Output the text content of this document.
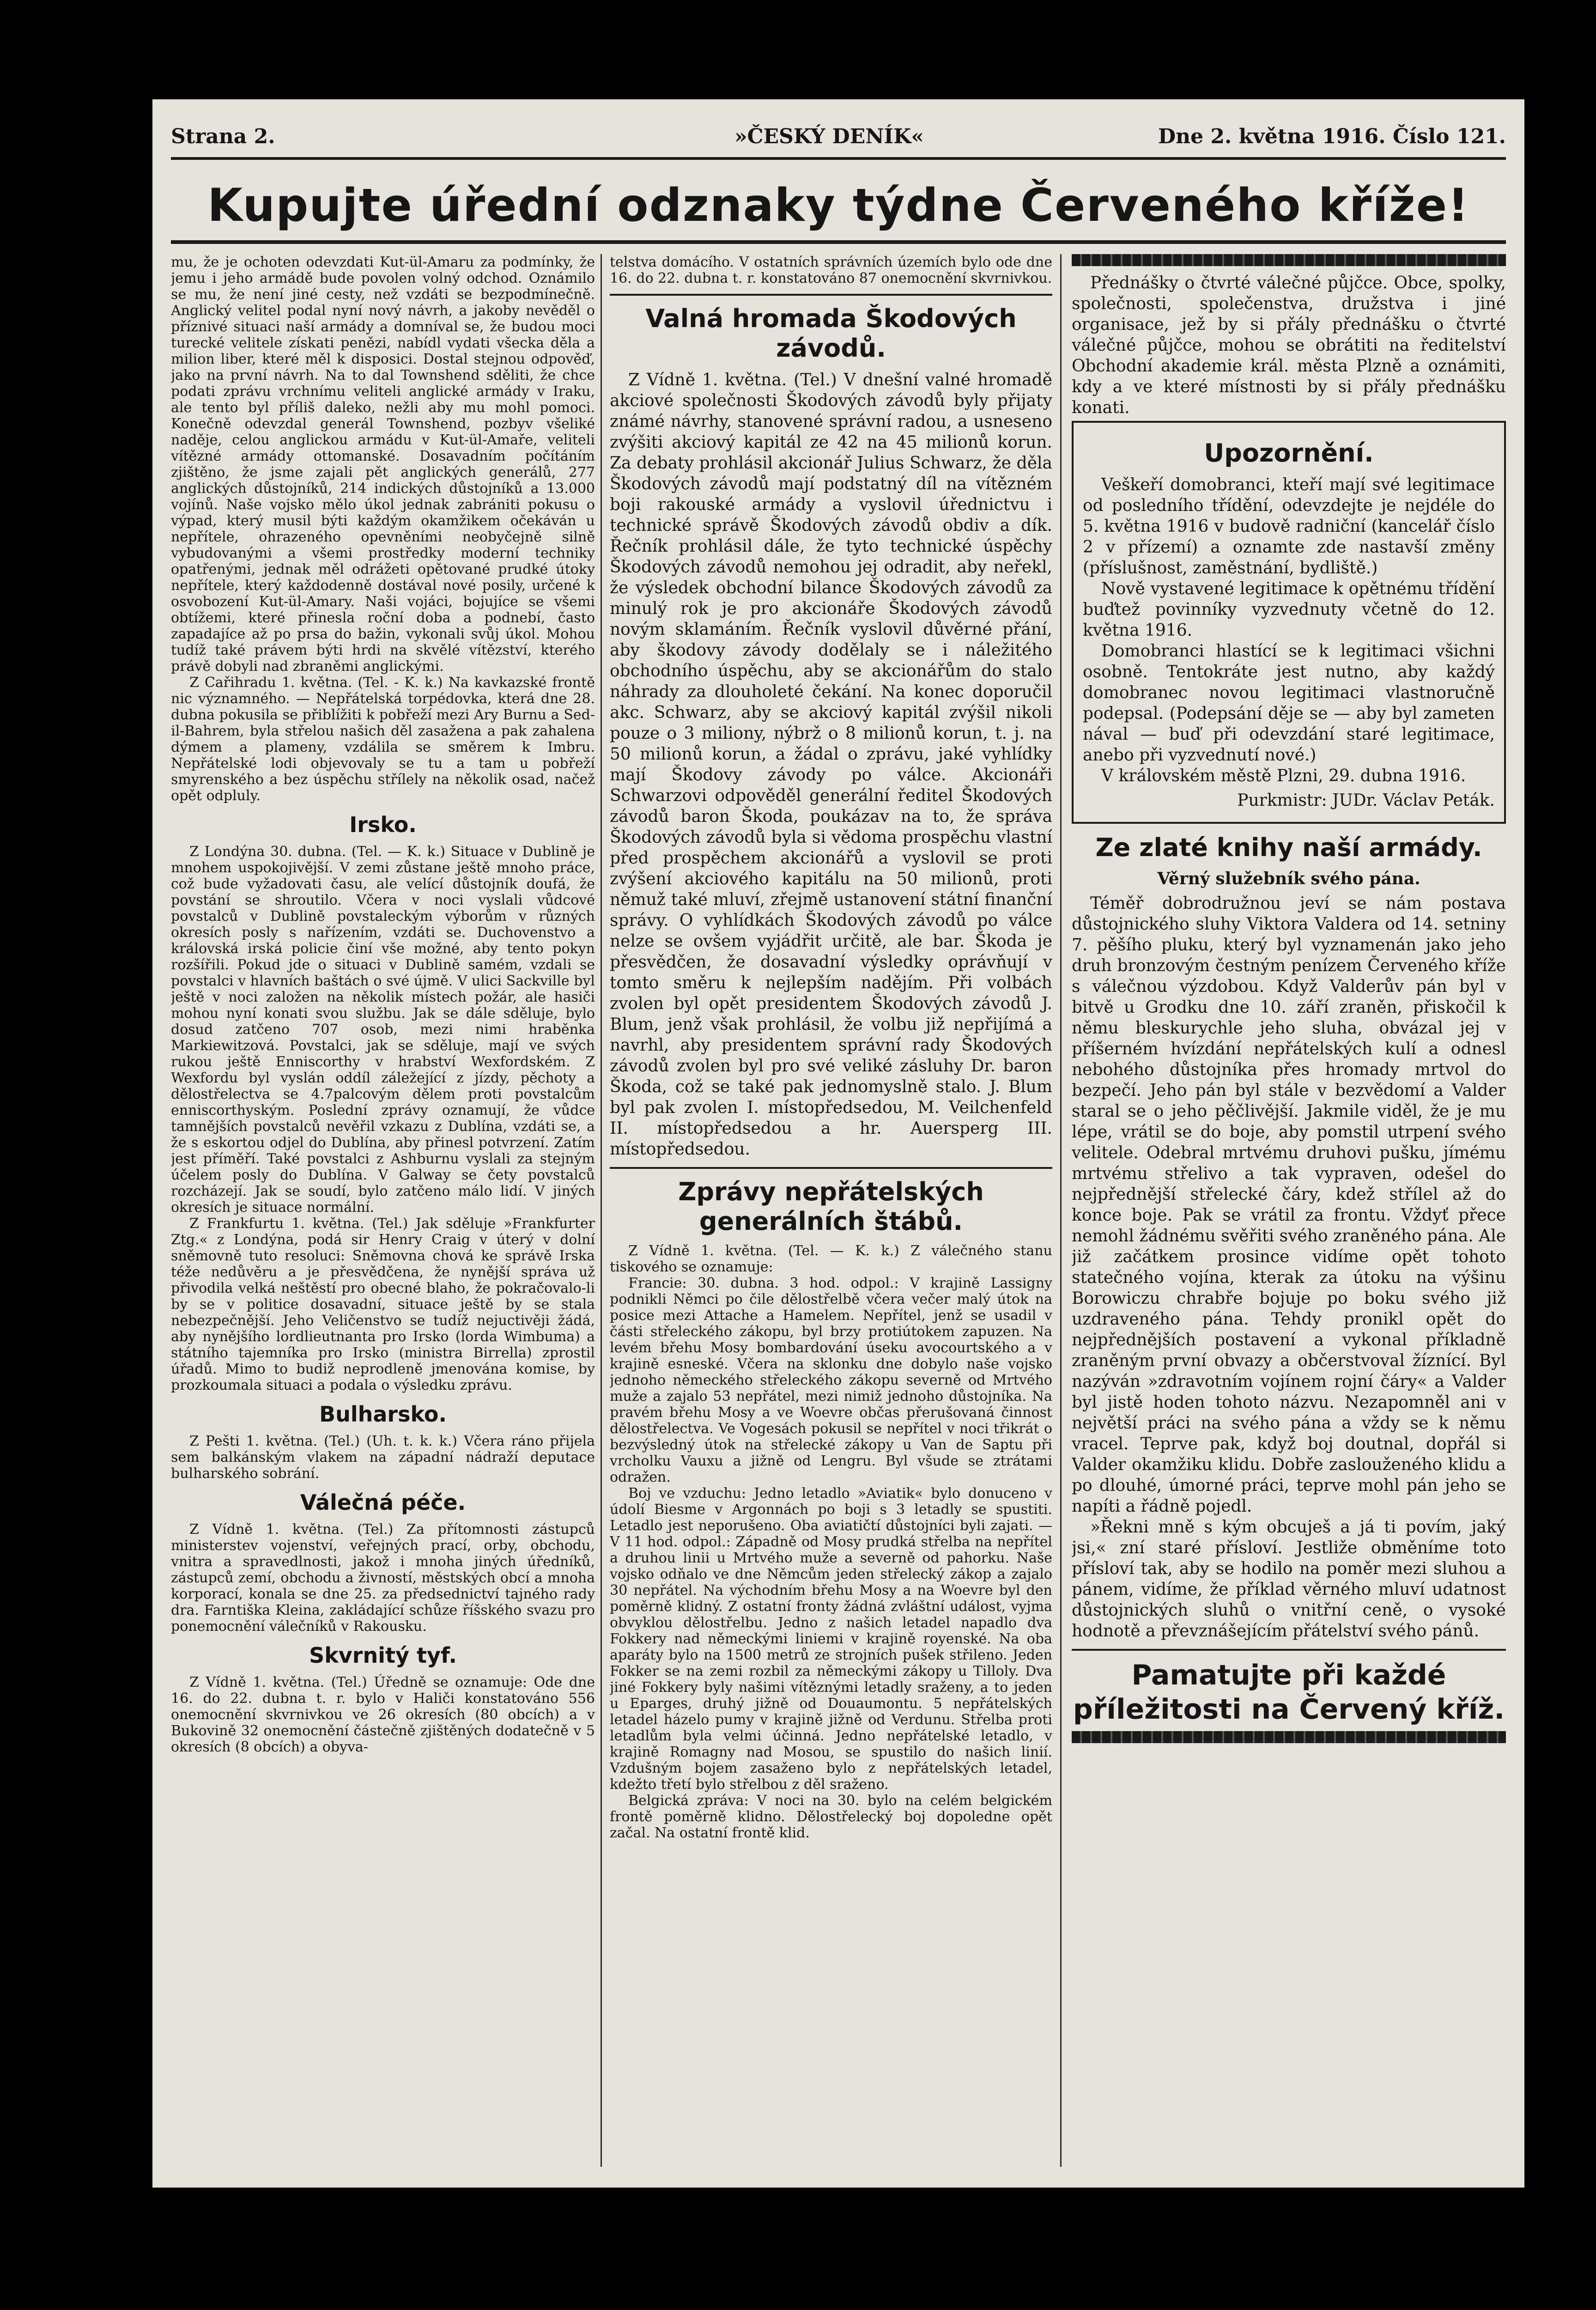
Strana 2.	»ČESKÝ DENÍK«	Dne 2. května 1916. Číslo 121.
Kupujte úřední odznaky týdne Červeného kříže!

mu, že je ochoten odevzdati Kut-ül-Amaru za podmínky, že jemu i jeho armádě bude povolen volný odchod. Oznámilo se mu, že není jiné cesty, než vzdáti se bezpodmínečně. Anglický velitel podal nyní nový návrh, a jakoby nevěděl o příznivé situaci naší armády a domníval se, že budou moci turecké velitele získati penězi, nabídl vydati všecka děla a milion liber, které měl k disposici. Dostal stejnou odpověď, jako na první návrh. Na to dal Townshend sděliti, že chce podati zprávu vrchnímu veliteli anglické armády v Iraku, ale tento byl příliš daleko, nežli aby mu mohl pomoci. Konečně odevzdal generál Townshend, pozbyv všeliké naděje, celou anglickou armádu v Kut-ül-Amaře, veliteli vítězné armády ottomanské. Dosavadním počítáním zjištěno, že jsme zajali pět anglických generálů, 277 anglických důstojníků, 214 indických důstojníků a 13.000 vojínů. Naše vojsko mělo úkol jednak zabrániti pokusu o výpad, který musil býti každým okamžikem očekáván u nepřítele, ohrazeného opevněními neobyčejně silně vybudovanými a všemi prostředky moderní techniky opatřenými, jednak měl odrážeti opětované prudké útoky nepřítele, který každodenně dostával nové posily, určené k osvobození Kut-ül-Amary. Naši vojáci, bojujíce se všemi obtížemi, které přinesla roční doba a podnebí, často zapadajíce až po prsa do bažin, vykonali svůj úkol. Mohou tudíž také právem býti hrdi na skvělé vítězství, kterého právě dobyli nad zbraněmi anglickými.

Z Cařihradu 1. května. (Tel. - K. k.) Na kavkazské frontě nic významného. — Nepřátelská torpédovka, která dne 28. dubna pokusila se přiblížiti k pobřeží mezi Ary Burnu a Sed-il-Bahrem, byla střelou našich děl zasažena a pak zahalena dýmem a plameny, vzdálila se směrem k Imbru. Nepřátelské lodi objevovaly se tu a tam u pobřeží smyrenského a bez úspěchu střílely na několik osad, načež opět odpluly.

Irsko.

Z Londýna 30. dubna. (Tel. — K. k.) Situace v Dublině je mnohem uspokojivější. V zemi zůstane ještě mnoho práce, což bude vyžadovati času, ale velící důstojník doufá, že povstání se shroutilo. Včera v noci vyslali vůdcové povstalců v Dublině povstaleckým výborům v různých okresích posly s nařízením, vzdáti se. Duchovenstvo a královská irská policie činí vše možné, aby tento pokyn rozšířili. Pokud jde o situaci v Dublině samém, vzdali se povstalci v hlavních baštách o své újmě. V ulici Sackville byl ještě v noci založen na několik místech požár, ale hasiči mohou nyní konati svou službu. Jak se dále sděluje, bylo dosud zatčeno 707 osob, mezi nimi hraběnka Markiewitzová. Povstalci, jak se sděluje, mají ve svých rukou ještě Enniscorthy v hrabství Wexfordském. Z Wexfordu byl vyslán oddíl záležející z jízdy, pěchoty a dělostřelectva se 4.7palcovým dělem proti povstalcům enniscorthyským. Poslední zprávy oznamují, že vůdce tamnějších povstalců nevěřil vzkazu z Dublína, vzdáti se, a že s eskortou odjel do Dublína, aby přinesl potvrzení. Zatím jest příměří. Také povstalci z Ashburnu vyslali za stejným účelem posly do Dublína. V Galway se čety povstalců rozcházejí. Jak se soudí, bylo zatčeno málo lidí. V jiných okresích je situace normální.

Z Frankfurtu 1. května. (Tel.) Jak sděluje »Frankfurter Ztg.« z Londýna, podá sir Henry Craig v úterý v dolní sněmovně tuto resoluci: Sněmovna chová ke správě Irska téže nedůvěru a je přesvědčena, že nynější správa už přivodila velká neštěstí pro obecné blaho, že pokračovalo-li by se v politice dosavadní, situace ještě by se stala nebezpečnější. Jeho Veličenstvo se tudíž nejuctivěji žádá, aby nynějšího lordlieutnanta pro Irsko (lorda Wimbuma) a státního tajemníka pro Irsko (ministra Birrella) zprostil úřadů. Mimo to budiž neprodleně jmenována komise, by prozkoumala situaci a podala o výsledku zprávu.

Bulharsko.

Z Pešti 1. května. (Tel.) (Uh. t. k. k.) Včera ráno přijela sem balkánským vlakem na západní nádraží deputace bulharského sobrání.

Válečná péče.

Z Vídně 1. května. (Tel.) Za přítomnosti zástupců ministerstev vojenství, veřejných prací, orby, obchodu, vnitra a spravedlnosti, jakož i mnoha jiných úředníků, zástupců zemí, obchodu a živností, městských obcí a mnoha korporací, konala se dne 25. za předsednictví tajného rady dra. Farntiška Kleina, zakládající schůze říšského svazu pro ponemocnění válečníků v Rakousku.

Skvrnitý tyf.

Z Vídně 1. května. (Tel.) Úředně se oznamuje: Ode dne 16. do 22. dubna t. r. bylo v Haliči konstatováno 556 onemocnění skvrnivkou ve 26 okresích (80 obcích) a v Bukovině 32 onemocnění částečně zjištěných dodatečně v 5 okresích (8 obcích) a obyva-

telstva domácího. V ostatních správních územích bylo ode dne 16. do 22. dubna t. r. konstatováno 87 onemocnění skvrnivkou.

Valná hromada Škodových závodů.

Z Vídně 1. května. (Tel.) V dnešní valné hromadě akciové společnosti Škodových závodů byly přijaty známé návrhy, stanovené správní radou, a usneseno zvýšiti akciový kapitál ze 42 na 45 milionů korun. Za debaty prohlásil akcionář Julius Schwarz, že děla Škodových závodů mají podstatný díl na vítězném boji rakouské armády a vyslovil úřednictvu i technické správě Škodových závodů obdiv a dík. Řečník prohlásil dále, že tyto technické úspěchy Škodových závodů nemohou jej odradit, aby neřekl, že výsledek obchodní bilance Škodových závodů za minulý rok je pro akcionáře Škodových závodů novým sklamáním. Řečník vyslovil důvěrné přání, aby škodovy závody dodělaly se i náležitého obchodního úspěchu, aby se akcionářům do stalo náhrady za dlouholeté čekání. Na konec doporučil akc. Schwarz, aby se akciový kapitál zvýšil nikoli pouze o 3 miliony, nýbrž o 8 milionů korun, t. j. na 50 milionů korun, a žádal o zprávu, jaké vyhlídky mají Škodovy závody po válce. Akcionáři Schwarzovi odpověděl generální ředitel Škodových závodů baron Škoda, poukázav na to, že správa Škodových závodů byla si vědoma prospěchu vlastní před prospěchem akcionářů a vyslovil se proti zvýšení akciového kapitálu na 50 milionů, proti němuž také mluví, zřejmě ustanovení státní finanční správy. O vyhlídkách Škodových závodů po válce nelze se ovšem vyjádřit určitě, ale bar. Škoda je přesvědčen, že dosavadní výsledky oprávňují v tomto směru k nejlepším nadějím. Při volbách zvolen byl opět presidentem Škodových závodů J. Blum, jenž však prohlásil, že volbu již nepřijímá a navrhl, aby presidentem správní rady Škodových závodů zvolen byl pro své veliké zásluhy Dr. baron Škoda, což se také pak jednomyslně stalo. J. Blum byl pak zvolen I. místopředsedou, M. Veilchenfeld II. místopředsedou a hr. Auersperg III. místopředsedou.

Zprávy nepřátelských generálních štábů.

Z Vídně 1. května. (Tel. — K. k.) Z válečného stanu tiskového se oznamuje:

Francie: 30. dubna. 3 hod. odpol.: V krajině Lassigny podnikli Němci po čile dělostřelbě včera večer malý útok na posice mezi Attache a Hamelem. Nepřítel, jenž se usadil v části střeleckého zákopu, byl brzy protiútokem zapuzen. Na levém břehu Mosy bombardování úseku avocourtského a v krajině esneské. Včera na sklonku dne dobylo naše vojsko jednoho německého střeleckého zákopu severně od Mrtvého muže a zajalo 53 nepřátel, mezi nimiž jednoho důstojníka. Na pravém břehu Mosy a ve Woevre občas přerušovaná činnost dělostřelectva. Ve Vogesách pokusil se nepřítel v noci třikrát o bezvýsledný útok na střelecké zákopy u Van de Saptu při vrcholku Vauxu a jižně od Lengru. Byl všude se ztrátami odražen.

Boj ve vzduchu: Jedno letadlo »Aviatik« bylo donuceno v údolí Biesme v Argonnách po boji s 3 letadly se spustiti. Letadlo jest neporušeno. Oba aviatičtí důstojníci byli zajati. — V 11 hod. odpol.: Západně od Mosy prudká střelba na nepřítel a druhou linii u Mrtvého muže a severně od pahorku. Naše vojsko odňalo ve dne Němcům jeden střelecký zákop a zajalo 30 nepřátel. Na východním břehu Mosy a na Woevre byl den poměrně klidný. Z ostatní fronty žádná zvláštní událost, vyjma obvyklou dělostřelbu. Jedno z našich letadel napadlo dva Fokkery nad německými liniemi v krajině royenské. Na oba aparáty bylo na 1500 metrů ze strojních pušek střileno. Jeden Fokker se na zemi rozbil za německými zákopy u Tilloly. Dva jiné Fokkery byly našimi vítěznými letadly sraženy, a to jeden u Eparges, druhý jižně od Douaumontu. 5 nepřátelských letadel házelo pumy v krajině jižně od Verdunu. Střelba proti letadlům byla velmi účinná. Jedno nepřátelské letadlo, v krajině Romagny nad Mosou, se spustilo do našich linií. Vzdušným bojem zasaženo bylo z nepřátelských letadel, kdežto třetí bylo střelbou z děl sraženo.

Belgická zpráva: V noci na 30. bylo na celém belgickém frontě poměrně klidno. Dělostřelecký boj dopoledne opět začal. Na ostatní frontě klid.

Přednášky o čtvrté válečné půjčce. Obce, spolky, společnosti, společenstva, družstva i jiné organisace, jež by si přály přednášku o čtvrté válečné půjčce, mohou se obrátiti na ředitelství Obchodní akademie král. města Plzně a oznámiti, kdy a ve které místnosti by si přály přednášku konati.

Upozornění.

Veškeří domobranci, kteří mají své legitimace od posledního třídění, odevzdejte je nejdéle do 5. května 1916 v budově radniční (kancelář číslo 2 v přízemí) a oznamte zde nastavší změny (příslušnost, zaměstnání, bydliště.)

Nově vystavené legitimace k opětnému třídění buďtež povinníky vyzvednuty včetně do 12. května 1916.

Domobranci hlastící se k legitimaci všichni osobně. Tentokráte jest nutno, aby každý domobranec novou legitimaci vlastnoručně podepsal. (Podepsání děje se — aby byl zameten nával — buď při odevzdání staré legitimace, anebo při vyzvednutí nové.)

V královském městě Plzni, 29. dubna 1916.

Purkmistr: JUDr. Václav Peták.
Ze zlaté knihy naší armády.
Věrný služebník svého pána.

Téměř dobrodružnou jeví se nám postava důstojnického sluhy Viktora Valdera od 14. setniny 7. pěšího pluku, který byl vyznamenán jako jeho druh bronzovým čestným penízem Červeného kříže s válečnou výzdobou. Když Valderův pán byl v bitvě u Grodku dne 10. září zraněn, přiskočil k němu bleskurychle jeho sluha, obvázal jej v příšerném hvízdání nepřátelských kulí a odnesl nebohého důstojníka přes hromady mrtvol do bezpečí. Jeho pán byl stále v bezvědomí a Valder staral se o jeho pěčlivější. Jakmile viděl, že je mu lépe, vrátil se do boje, aby pomstil utrpení svého velitele. Odebral mrtvému druhovi pušku, jímému mrtvému střelivo a tak vypraven, odešel do nejpřednější střelecké čáry, kdež střílel až do konce boje. Pak se vrátil za frontu. Vždyť přece nemohl žádnému svěřiti svého zraněného pána. Ale již začátkem prosince vidíme opět tohoto statečného vojína, kterak za útoku na výšinu Borowiczu chrabře bojuje po boku svého již uzdraveného pána. Tehdy pronikl opět do nejpřednějších postavení a vykonal příkladně zraněným první obvazy a občerstvoval žíznící. Byl nazýván »zdravotním vojínem rojní čáry« a Valder byl jistě hoden tohoto názvu. Nezapomněl ani v největší práci na svého pána a vždy se k němu vracel. Teprve pak, když boj doutnal, dopřál si Valder okamžiku klidu. Dobře zaslouženého klidu a po dlouhé, úmorné práci, teprve mohl pán jeho se napíti a řádně pojedl.

»Řekni mně s kým obcuješ a já ti povím, jaký jsi,« zní staré přísloví. Jestliže obměníme toto přísloví tak, aby se hodilo na poměr mezi sluhou a pánem, vidíme, že příklad věrného mluví udatnost důstojnických sluhů o vnitřní ceně, o vysoké hodnotě a převznášejícím přátelství svého pánů.

Pamatujte při každé příležitosti na Červený kříž.
